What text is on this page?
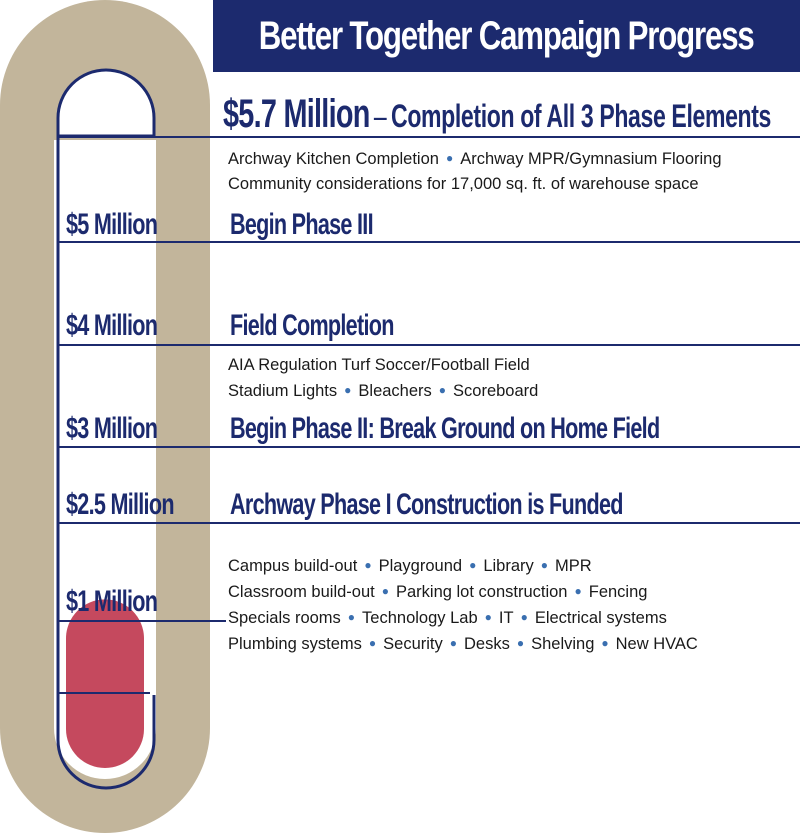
Better Together Campaign Progress
$5.7 Million – Completion of All 3 Phase Elements
Archway Kitchen Completion ● Archway MPR/Gymnasium Flooring
Community considerations for 17,000 sq. ft. of warehouse space
$5 Million Begin Phase III
$4 Million Field Completion
AIA Regulation Turf Soccer/Football Field
Stadium Lights ● Bleachers ● Scoreboard
$3 Million Begin Phase II: Break Ground on Home Field
$2.5 Million Archway Phase I Construction is Funded
$1 Million
Campus build-out ● Playground ● Library ● MPR
Classroom build-out ● Parking lot construction ● Fencing
Specials rooms ● Technology Lab ● IT ● Electrical systems
Plumbing systems ● Security ● Desks ● Shelving ● New HVAC
